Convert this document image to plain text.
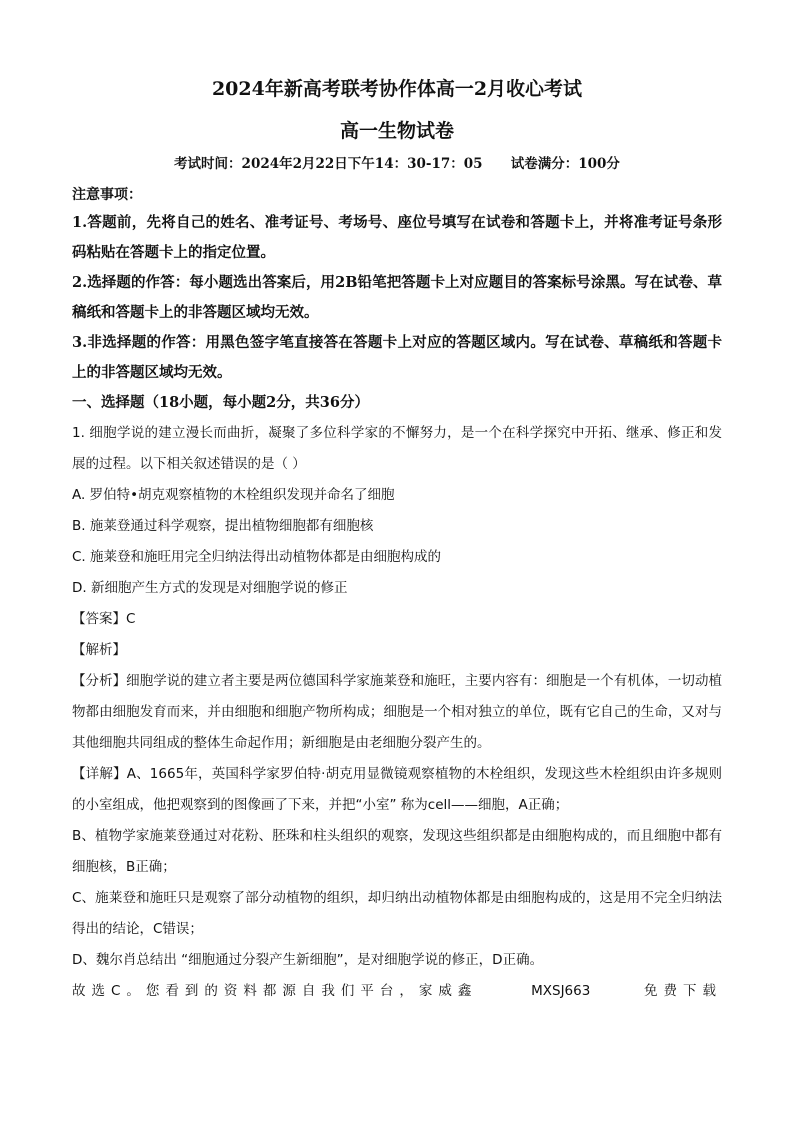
2024年新高考联考协作体高一2月收心考试
高一生物试卷
考试时间：2024年2月22日下午14：30-17：05      试卷满分：100分
注意事项：
1.答题前，先将自己的姓名、准考证号、考场号、座位号填写在试卷和答题卡上，并将准考证号条形码粘贴在答题卡上的指定位置。
2.选择题的作答：每小题选出答案后，用2B铅笔把答题卡上对应题目的答案标号涂黑。写在试卷、草稿纸和答题卡上的非答题区域均无效。
3.非选择题的作答：用黑色签字笔直接答在答题卡上对应的答题区域内。写在试卷、草稿纸和答题卡上的非答题区域均无效。
一、选择题（18小题，每小题2分，共36分）
1. 细胞学说的建立漫长而曲折，凝聚了多位科学家的不懈努力，是一个在科学探究中开拓、继承、修正和发展的过程。以下相关叙述错误的是（ ）
A. 罗伯特•胡克观察植物的木栓组织发现并命名了细胞
B. 施莱登通过科学观察，提出植物细胞都有细胞核
C. 施莱登和施旺用完全归纳法得出动植物体都是由细胞构成的
D. 新细胞产生方式的发现是对细胞学说的修正
【答案】C
【解析】
【分析】细胞学说的建立者主要是两位德国科学家施莱登和施旺，主要内容有：细胞是一个有机体，一切动植物都由细胞发育而来，并由细胞和细胞产物所构成；细胞是一个相对独立的单位，既有它自己的生命，又对与其他细胞共同组成的整体生命起作用；新细胞是由老细胞分裂产生的。
【详解】A、1665年，英国科学家罗伯特·胡克用显微镜观察植物的木栓组织，发现这些木栓组织由许多规则的小室组成，他把观察到的图像画了下来，并把“小室” 称为cell——细胞，A正确；
B、植物学家施莱登通过对花粉、胚珠和柱头组织的观察，发现这些组织都是由细胞构成的，而且细胞中都有细胞核，B正确；
C、施莱登和施旺只是观察了部分动植物的组织，却归纳出动植物体都是由细胞构成的，这是用不完全归纳法得出的结论，C错误；
D、魏尔肖总结出 “细胞通过分裂产生新细胞”，是对细胞学说的修正，D正确。
故选C。您看到的资料都源自我们平台，家威鑫	MXSJ663	免费下载
